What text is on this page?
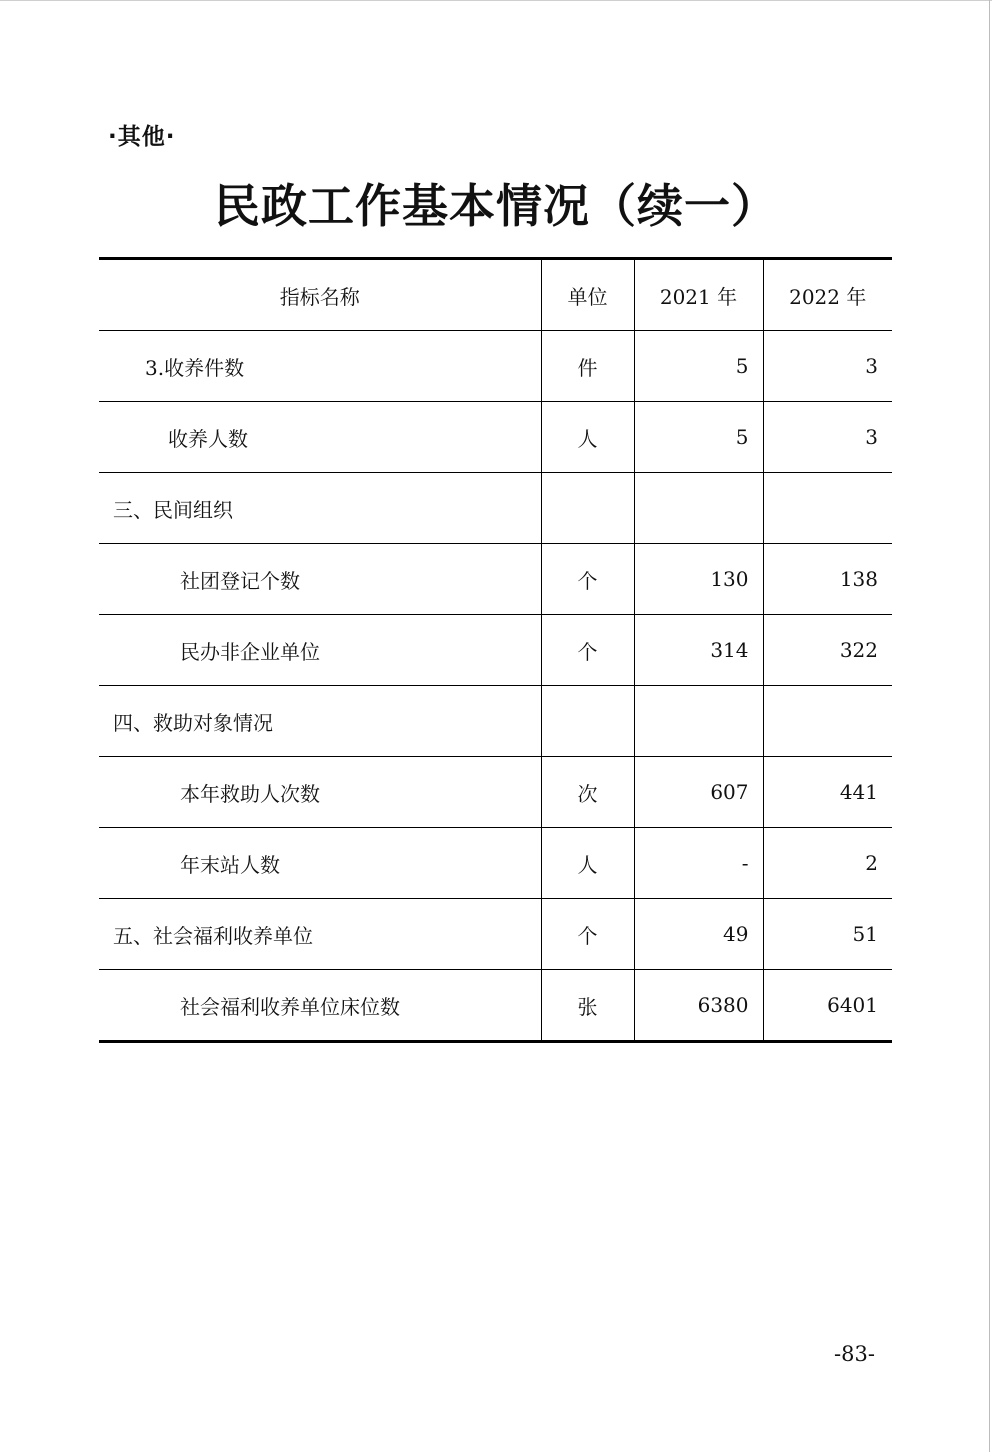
·其他·
民政工作基本情况（续一）
指标名称	单位	2021 年	2022 年
3.收养件数	件	5	3
收养人数	人	5	3
三、民间组织			
社团登记个数	个	130	138
民办非企业单位	个	314	322
四、救助对象情况			
本年救助人次数	次	607	441
年末站人数	人	-	2
五、社会福利收养单位	个	49	51
社会福利收养单位床位数	张	6380	6401
-83-
